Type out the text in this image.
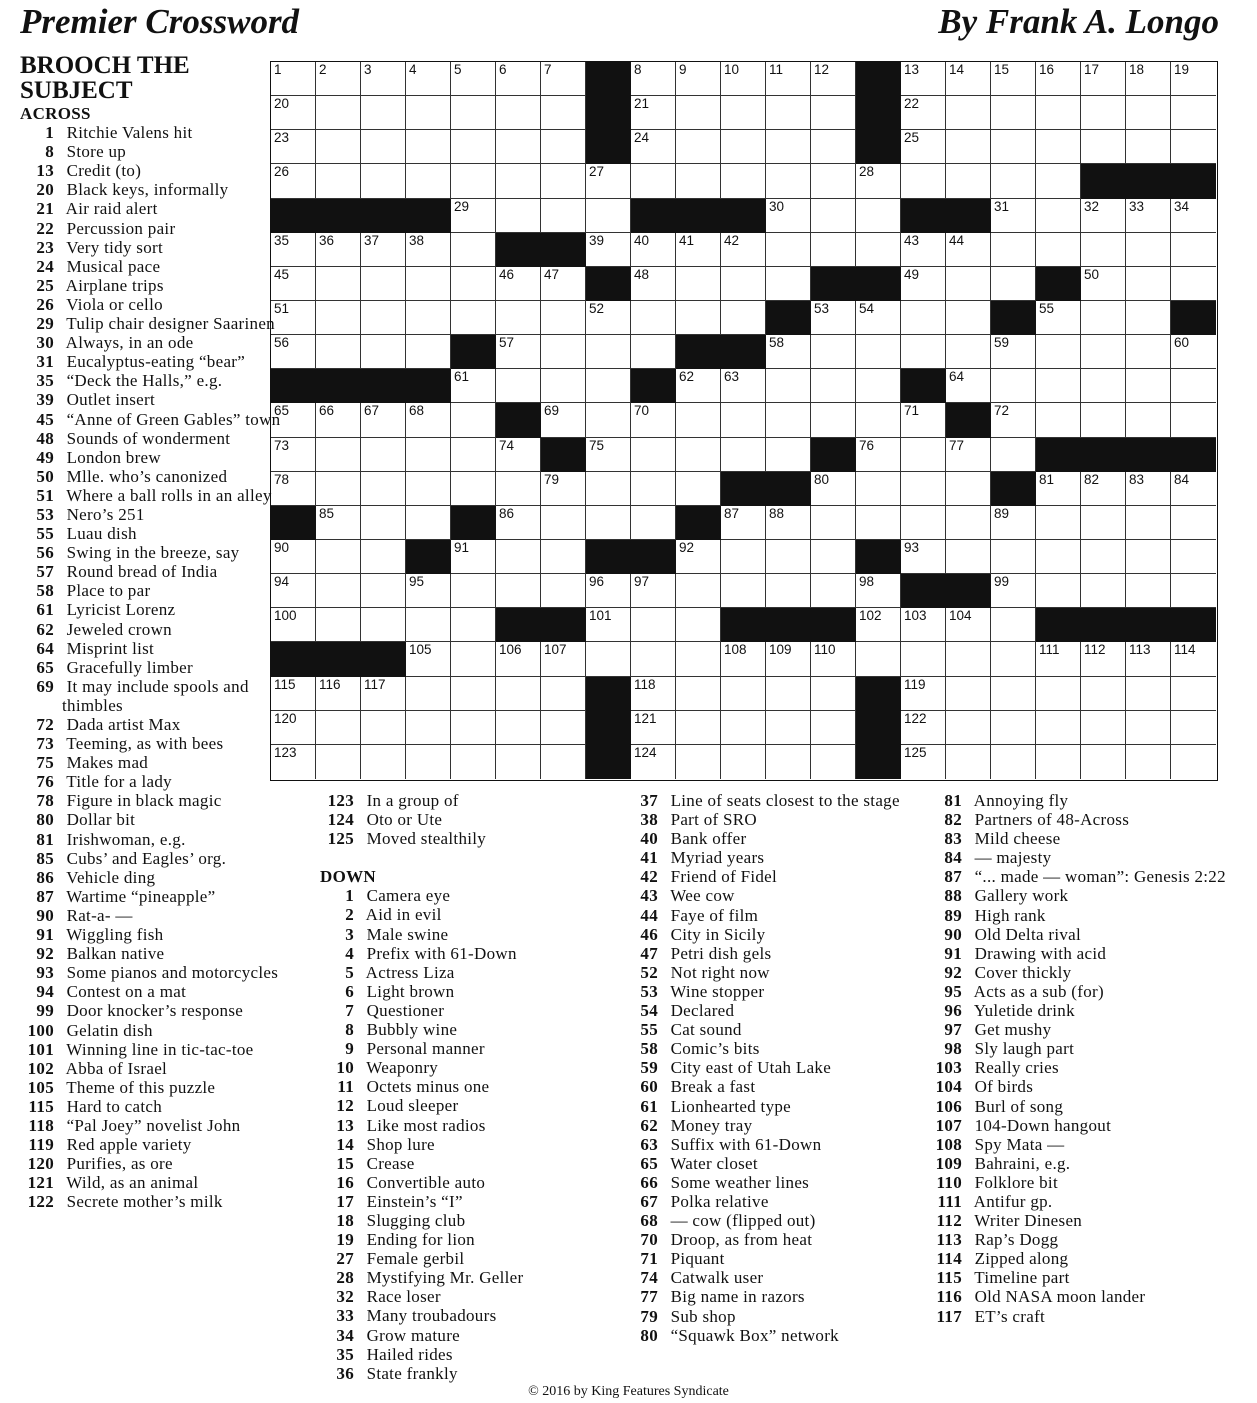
Premier Crossword	By Frank A. Longo
BROOCH THE SUBJECT
1	2	3	4	5	6	7	8	9	10 11 12	13 14 15 16 17 18 19
20	21	22
23	24	25
26	27	28
29	30	31	32 33 34
35 36 37 38	39 40 41 42	43 44
45	46 47	48	49	50
51	52	53 54	55
56	57	58	59	60
61	62 63	64
65 66 67 68	69	70	71	72
73	74	75	76	77
78	79	80	81 82 83 84
85	86	87 88	89
90	91	92	93
94	95	96 97	98	99
100	101	102 103 104
105	106 107	108 109 110	111 112 113 114
115 116 117	118	119
120	121	122
123	124	125
ACROSS
1 Ritchie Valens hit
8 Store up
13 Credit (to)
20 Black keys, informally
21 Air raid alert
22 Percussion pair
23 Very tidy sort
24 Musical pace
25 Airplane trips
26 Viola or cello
29 Tulip chair designer Saarinen
30 Always, in an ode
31 Eucalyptus-eating “bear”
35 “Deck the Halls,” e.g.
39 Outlet insert
45 “Anne of Green Gables” town
48 Sounds of wonderment
49 London brew
50 Mlle. who’s canonized
51 Where a ball rolls in an alley
53 Nero’s 251
55 Luau dish
56 Swing in the breeze, say
57 Round bread of India
58 Place to par
61 Lyricist Lorenz
62 Jeweled crown
64 Misprint list
65 Gracefully limber
69 It may include spools and thimbles
72 Dada artist Max
73 Teeming, as with bees
75 Makes mad
76 Title for a lady
78 Figure in black magic
80 Dollar bit
81 Irishwoman, e.g.
85 Cubs’ and Eagles’ org.
86 Vehicle ding
87 Wartime “pineapple”
90 Rat-a- —
91 Wiggling fish
92 Balkan native
93 Some pianos and motorcycles
94 Contest on a mat
99 Door knocker’s response
100 Gelatin dish
101 Winning line in tic-tac-toe
102 Abba of Israel
105 Theme of this puzzle
115 Hard to catch
118 “Pal Joey” novelist John
119 Red apple variety
120 Purifies, as ore
121 Wild, as an animal
122 Secrete mother’s milk
123 In a group of
124 Oto or Ute
125 Moved stealthily
DOWN
1 Camera eye
2 Aid in evil
3 Male swine
4 Prefix with 61-Down
5 Actress Liza
6 Light brown
7 Questioner
8 Bubbly wine
9 Personal manner
10 Weaponry
11 Octets minus one
12 Loud sleeper
13 Like most radios
14 Shop lure
15 Crease
16 Convertible auto
17 Einstein’s “I”
18 Slugging club
19 Ending for lion
27 Female gerbil
28 Mystifying Mr. Geller
32 Race loser
33 Many troubadours
34 Grow mature
35 Hailed rides
36 State frankly
37 Line of seats closest to the stage
38 Part of SRO
40 Bank offer
41 Myriad years
42 Friend of Fidel
43 Wee cow
44 Faye of film
46 City in Sicily
47 Petri dish gels
52 Not right now
53 Wine stopper
54 Declared
55 Cat sound
58 Comic’s bits
59 City east of Utah Lake
60 Break a fast
61 Lionhearted type
62 Money tray
63 Suffix with 61-Down
65 Water closet
66 Some weather lines
67 Polka relative
68 — cow (flipped out)
70 Droop, as from heat
71 Piquant
74 Catwalk user
77 Big name in razors
79 Sub shop
80 “Squawk Box” network
81 Annoying fly
82 Partners of 48-Across
83 Mild cheese
84 — majesty
87 “... made — woman”: Genesis 2:22
88 Gallery work
89 High rank
90 Old Delta rival
91 Drawing with acid
92 Cover thickly
95 Acts as a sub (for)
96 Yuletide drink
97 Get mushy
98 Sly laugh part
103 Really cries
104 Of birds
106 Burl of song
107 104-Down hangout
108 Spy Mata —
109 Bahraini, e.g.
110 Folklore bit
111 Antifur gp.
112 Writer Dinesen
113 Rap’s Dogg
114 Zipped along
115 Timeline part
116 Old NASA moon lander
117 ET’s craft
© 2016 by King Features Syndicate
